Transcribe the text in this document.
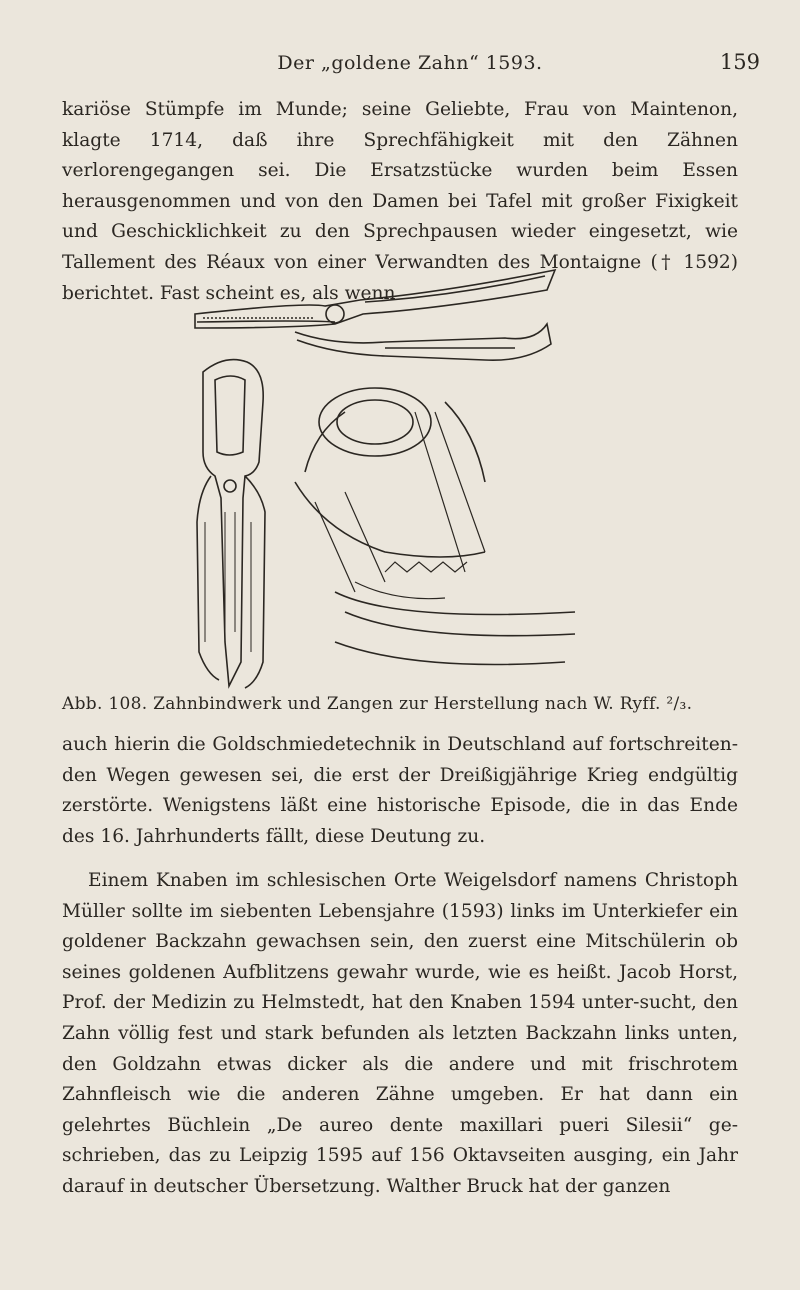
Der „goldene Zahn“ 1593.	159

kariöse Stümpfe im Munde; seine Geliebte, Frau von Maintenon, klagte 1714, daß ihre Sprechfähigkeit mit den Zähnen verlorengegangen sei. Die Ersatzstücke wurden beim Essen herausgenommen und von den Damen bei Tafel mit großer Fixigkeit und Geschicklichkeit zu den Sprechpausen wieder eingesetzt, wie Tallement des Réaux von einer Verwandten des Montaigne († 1592) berichtet. Fast scheint es, als wenn

Abb. 108. Zahnbindwerk und Zangen zur Herstellung nach W. Ryff. ²/₃.

auch hierin die Goldschmiedetechnik in Deutschland auf fortschreiten-den Wegen gewesen sei, die erst der Dreißigjährige Krieg endgültig zerstörte. Wenigstens läßt eine historische Episode, die in das Ende des 16. Jahrhunderts fällt, diese Deutung zu.

Einem Knaben im schlesischen Orte Weigelsdorf namens Christoph Müller sollte im siebenten Lebensjahre (1593) links im Unterkiefer ein goldener Backzahn gewachsen sein, den zuerst eine Mitschülerin ob seines goldenen Aufblitzens gewahr wurde, wie es heißt. Jacob Horst, Prof. der Medizin zu Helmstedt, hat den Knaben 1594 unter-sucht, den Zahn völlig fest und stark befunden als letzten Backzahn links unten, den Goldzahn etwas dicker als die andere und mit frischrotem Zahnfleisch wie die anderen Zähne umgeben. Er hat dann ein gelehrtes Büchlein „De aureo dente maxillari pueri Silesii“ ge-schrieben, das zu Leipzig 1595 auf 156 Oktavseiten ausging, ein Jahr darauf in deutscher Übersetzung. Walther Bruck hat der ganzen
